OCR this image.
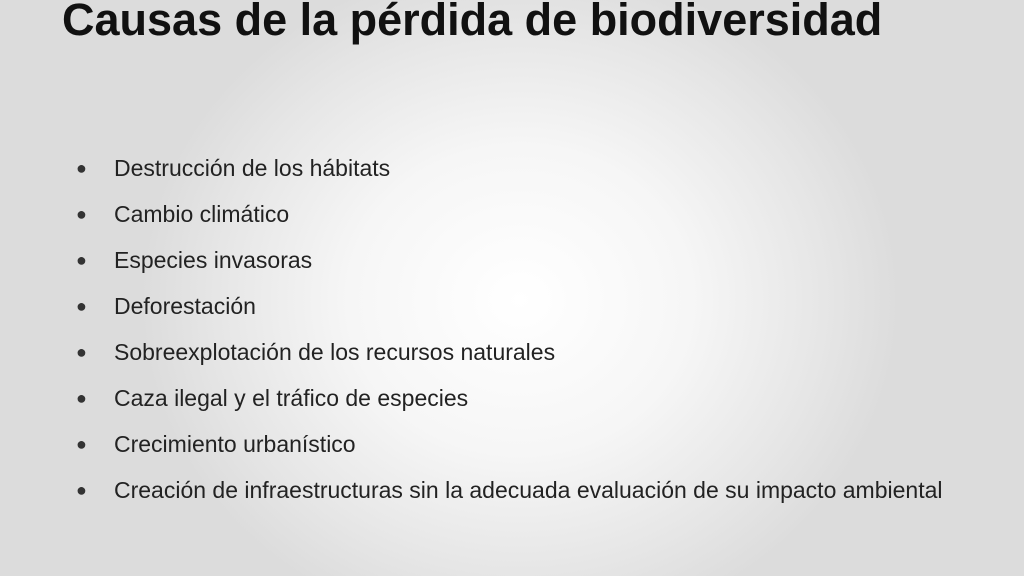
Causas de la pérdida de biodiversidad
● Destrucción de los hábitats
● Cambio climático
● Especies invasoras
● Deforestación
● Sobreexplotación de los recursos naturales
● Caza ilegal y el tráfico de especies
● Crecimiento urbanístico
● Creación de infraestructuras sin la adecuada evaluación de su impacto ambiental
